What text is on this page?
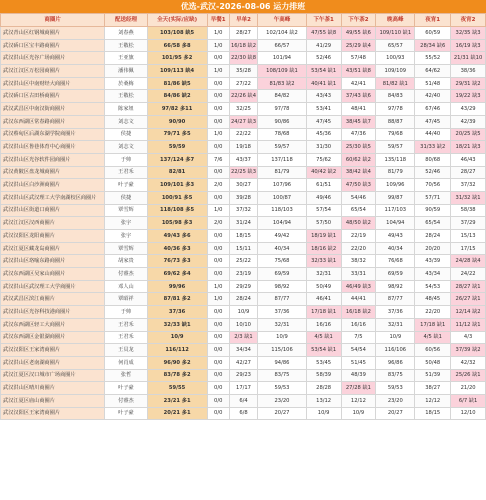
优选-武汉-2026-08-06 运力排班
商圈片	配送经理	全天(实际/应缺)	早餐1	早单2	午高峰	下午茶1	下午茶2	晚高峰	夜宵1	夜宵2
武汉青山区红钢城商圈片	刘春燕	103/108 缺5	1/0	28/27	102/104 缺2	47/55 缺8	49/55 缺6	109/110 缺1	60/59	32/35 缺3
武汉硚口区宝丰路商圈片	王敬松	66/58 多8	1/0	16/18 缺2	66/57	41/29	25/29 缺4	65/57	28/34 缺6	16/19 缺3
武汉洪山区光谷广场商圈片	王亚旗	101/95 多2	0/0	22/30 缺8	101/94	52/46	57/48	100/93	55/52	21/31 缺10
武汉江汉区万松园商圈片	潘伟佩	109/113 缺4	1/0	35/28	108/109 缺1	53/54 缺1	43/51 缺8	109/109	64/62	38/36
武汉洪山区中南财经大商圈片	於桑梅	81/86 缺5	0/0	27/22	81/83 缺2	40/41 缺1	42/41	81/82 缺1	51/48	29/31 缺2
武汉硚口区古田桥商圈片	王敬松	84/86 缺2	0/0	22/26 缺4	84/82	43/43	37/43 缺6	84/83	42/40	19/22 缺3
武汉武昌区中南汉街商圈片	陈家妞	97/82 多11	0/0	32/25	97/78	53/41	48/41	97/78	67/46	43/29
武汉东西湖区常春路商圈片	刘志文	90/90	0/0	24/27 缺3	90/86	47/45	38/45 缺7	88/87	47/45	42/39
武汉蔡甸区后湖东湖学院商圈片	侯捷	79/71 多5	1/0	22/22	78/68	45/36	47/36	79/68	44/40	20/25 缺5
武汉洪山区鲁巷体育中心商圈片	刘志文	59/59	0/0	19/18	59/57	31/30	25/30 缺5	59/57	31/33 缺2	18/21 缺3
武汉洪山区光谷软件园商圈片	于帅	137/124 多7	7/6	43/37	137/118	75/62	60/62 缺2	135/118	80/68	46/43
武汉黄陂区盘龙城商圈片	王君禾	82/81	0/0	22/25 缺3	81/79	40/42 缺2	38/42 缺4	81/79	52/46	28/27
武汉洪山区白沙洲商圈片	叶子豪	109/101 多3	2/0	30/27	107/96	61/51	47/50 缺3	109/96	70/56	37/32
武汉洪山区武汉理工大学南湖校区商圈片	侯捷	100/91 多5	0/0	39/28	100/87	49/46	54/46	99/87	57/71	31/32 缺1
武汉洪山区街道口商圈片	覃雪辉	118/108 多5	1/0	37/32	118/103	57/54	65/54	117/103	90/59	58/38
武汉江汉区汉西商圈片	张宇	105/98 多3	2/0	31/24	104/94	57/50	48/50 缺2	104/94	65/54	37/29
武汉汉阳区龙阳商圈片	张宇	49/43 多6	0/0	18/15	49/42	18/19 缺1	22/19	49/43	28/24	15/13
武汉江夏区藏龙岛商圈片	覃雪辉	40/36 多3	0/0	15/11	40/34	18/16 缺2	22/20	40/34	20/20	17/15
武汉洪山区珞喻东路商圈片	胡家贵	76/73 多3	0/0	25/22	75/68	32/33 缺1	38/32	76/68	43/39	24/28 缺4
武汉东西湖区吴家山商圈片	付睿杰	69/62 多4	0/0	23/19	69/59	32/31	33/31	69/59	43/34	24/22
武汉洪山区武汉理工大学商圈片	邓人山	99/96	1/0	29/29	98/92	50/49	46/49 缺3	98/92	54/53	28/27 缺1
武汉武昌区滨江商圈片	覃昭祥	87/81 多2	1/0	28/24	87/77	46/41	44/41	87/77	48/45	26/27 缺1
武汉洪山区光谷科技港商圈片	于帅	37/36	0/0	10/9	37/36	17/18 缺1	16/18 缺2	37/36	22/20	12/14 缺2
武汉东西湖区轻工大商圈片	王君禾	32/33 缺1	0/0	10/10	32/31	16/16	16/16	32/31	17/18 缺1	11/12 缺1
武汉东西湖区金银湖商圈片	王君禾	10/9	0/0	2/3 缺1	10/9	4/5 缺1	7/5	10/9	4/5 缺1	4/3
武汉汉阳区王家湾商圈片	王员龙	116/112	0/0	34/34	115/106	53/54 缺1	54/54	116/106	60/56	37/39 缺2
武汉洪山区老南湖商圈片	何肖成	96/90 多2	0/0	42/27	94/86	53/45	51/45	96/86	50/48	42/32
武汉江夏区汉口城市广场商圈片	张哲	83/78 多2	0/0	29/23	83/75	58/39	48/39	83/75	51/39	25/26 缺1
武汉洪山区晴川商圈片	叶子豪	59/55	0/0	17/17	59/53	28/28	27/28 缺1	59/53	38/27	21/20
武汉江夏区庙山商圈片	付睿杰	23/21 多1	0/0	6/4	23/20	13/12	12/12	23/20	12/12	6/7 缺1
武汉汉阳区王家湾商圈片	叶子豪	20/21 多1	0/0	6/8	20/27	10/9	10/9	20/27	18/15	12/10
